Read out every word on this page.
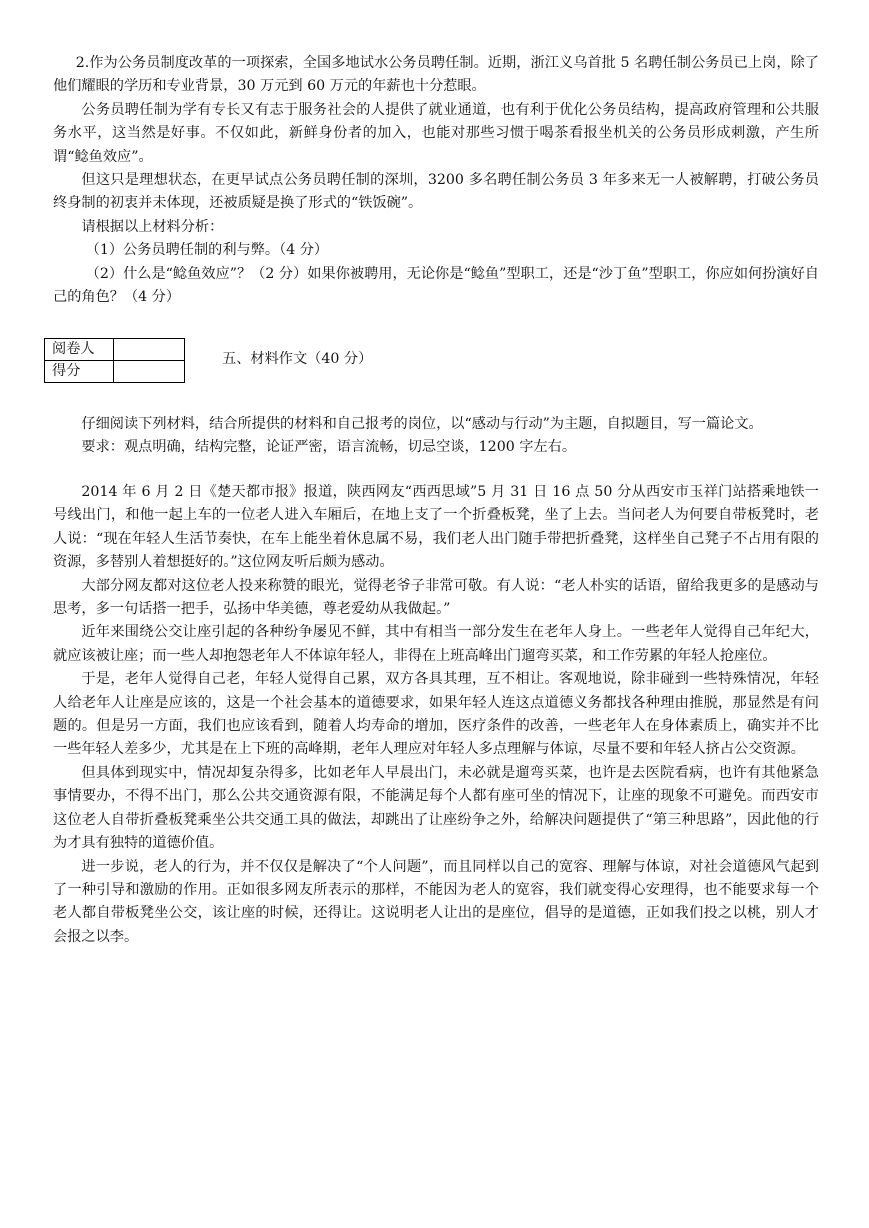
2.作为公务员制度改革的一项探索，全国多地试水公务员聘任制。近期，浙江义乌首批 5 名聘任制公务员已上岗，除了他们耀眼的学历和专业背景，30 万元到 60 万元的年薪也十分惹眼。

公务员聘任制为学有专长又有志于服务社会的人提供了就业通道，也有利于优化公务员结构，提高政府管理和公共服务水平，这当然是好事。不仅如此，新鲜身份者的加入，也能对那些习惯于喝茶看报坐机关的公务员形成刺激，产生所谓“鲶鱼效应”。

但这只是理想状态，在更早试点公务员聘任制的深圳，3200 多名聘任制公务员 3 年多来无一人被解聘，打破公务员终身制的初衷并未体现，还被质疑是换了形式的“铁饭碗”。

请根据以上材料分析：

（1）公务员聘任制的利与弊。（4 分）

（2）什么是“鲶鱼效应”？（2 分）如果你被聘用，无论你是“鲶鱼”型职工，还是“沙丁鱼”型职工，你应如何扮演好自己的角色？（4 分）

阅卷人	
得分	

五、材料作文（40 分）

仔细阅读下列材料，结合所提供的材料和自己报考的岗位，以“感动与行动”为主题，自拟题目，写一篇论文。

要求：观点明确，结构完整，论证严密，语言流畅，切忌空谈，1200 字左右。

2014 年 6 月 2 日《楚天都市报》报道，陕西网友“西西思域”5 月 31 日 16 点 50 分从西安市玉祥门站搭乘地铁一号线出门，和他一起上车的一位老人进入车厢后，在地上支了一个折叠板凳，坐了上去。当问老人为何要自带板凳时，老人说：“现在年轻人生活节奏快，在车上能坐着休息属不易，我们老人出门随手带把折叠凳，这样坐自己凳子不占用有限的资源，多替别人着想挺好的。”这位网友听后颇为感动。

大部分网友都对这位老人投来称赞的眼光，觉得老爷子非常可敬。有人说：“老人朴实的话语，留给我更多的是感动与思考，多一句话搭一把手，弘扬中华美德，尊老爱幼从我做起。”

近年来围绕公交让座引起的各种纷争屡见不鲜，其中有相当一部分发生在老年人身上。一些老年人觉得自己年纪大，就应该被让座；而一些人却抱怨老年人不体谅年轻人，非得在上班高峰出门遛弯买菜，和工作劳累的年轻人抢座位。

于是，老年人觉得自己老，年轻人觉得自己累，双方各具其理，互不相让。客观地说，除非碰到一些特殊情况，年轻人给老年人让座是应该的，这是一个社会基本的道德要求，如果年轻人连这点道德义务都找各种理由推脱，那显然是有问题的。但是另一方面，我们也应该看到，随着人均寿命的增加，医疗条件的改善，一些老年人在身体素质上，确实并不比一些年轻人差多少，尤其是在上下班的高峰期，老年人理应对年轻人多点理解与体谅，尽量不要和年轻人挤占公交资源。

但具体到现实中，情况却复杂得多，比如老年人早晨出门，未必就是遛弯买菜，也许是去医院看病，也许有其他紧急事情要办，不得不出门，那么公共交通资源有限，不能满足每个人都有座可坐的情况下，让座的现象不可避免。而西安市这位老人自带折叠板凳乘坐公共交通工具的做法，却跳出了让座纷争之外，给解决问题提供了“第三种思路”，因此他的行为才具有独特的道德价值。

进一步说，老人的行为，并不仅仅是解决了“个人问题”，而且同样以自己的宽容、理解与体谅，对社会道德风气起到了一种引导和激励的作用。正如很多网友所表示的那样，不能因为老人的宽容，我们就变得心安理得，也不能要求每一个老人都自带板凳坐公交，该让座的时候，还得让。这说明老人让出的是座位，倡导的是道德，正如我们投之以桃，别人才会报之以李。
